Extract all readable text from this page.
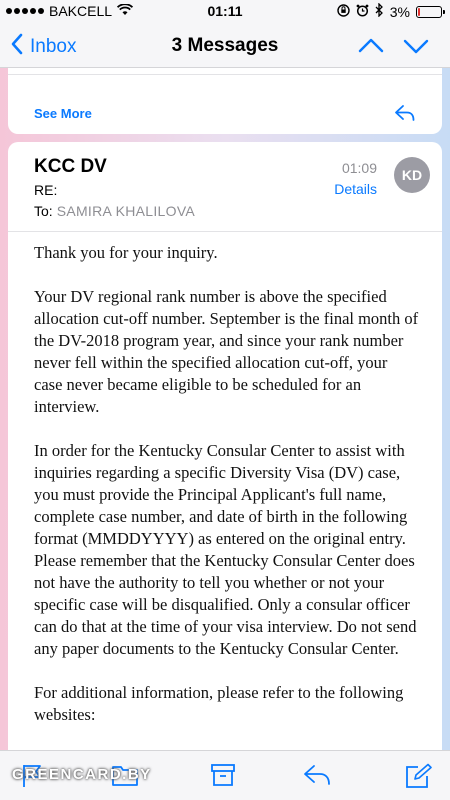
BAKCELL	01:11	3%
Inbox	3 Messages
See More
KCC DV
RE:
To: SAMIRA KHALILOVA
01:09
Details
KD

Thank you for your inquiry.

Your DV regional rank number is above the specified allocation cut-off number. September is the final month of the DV-2018 program year, and since your rank number never fell within the specified allocation cut-off, your case never became eligible to be scheduled for an interview.

In order for the Kentucky Consular Center to assist with inquiries regarding a specific Diversity Visa (DV) case, you must provide the Principal Applicant's full name, complete case number, and date of birth in the following format (MMDDYYYY) as entered on the original entry. Please remember that the Kentucky Consular Center does not have the authority to tell you whether or not your specific case will be disqualified. Only a consular officer can do that at the time of your visa interview. Do not send any paper documents to the Kentucky Consular Center.

For additional information, please refer to the following websites:

GREENCARD.BY
